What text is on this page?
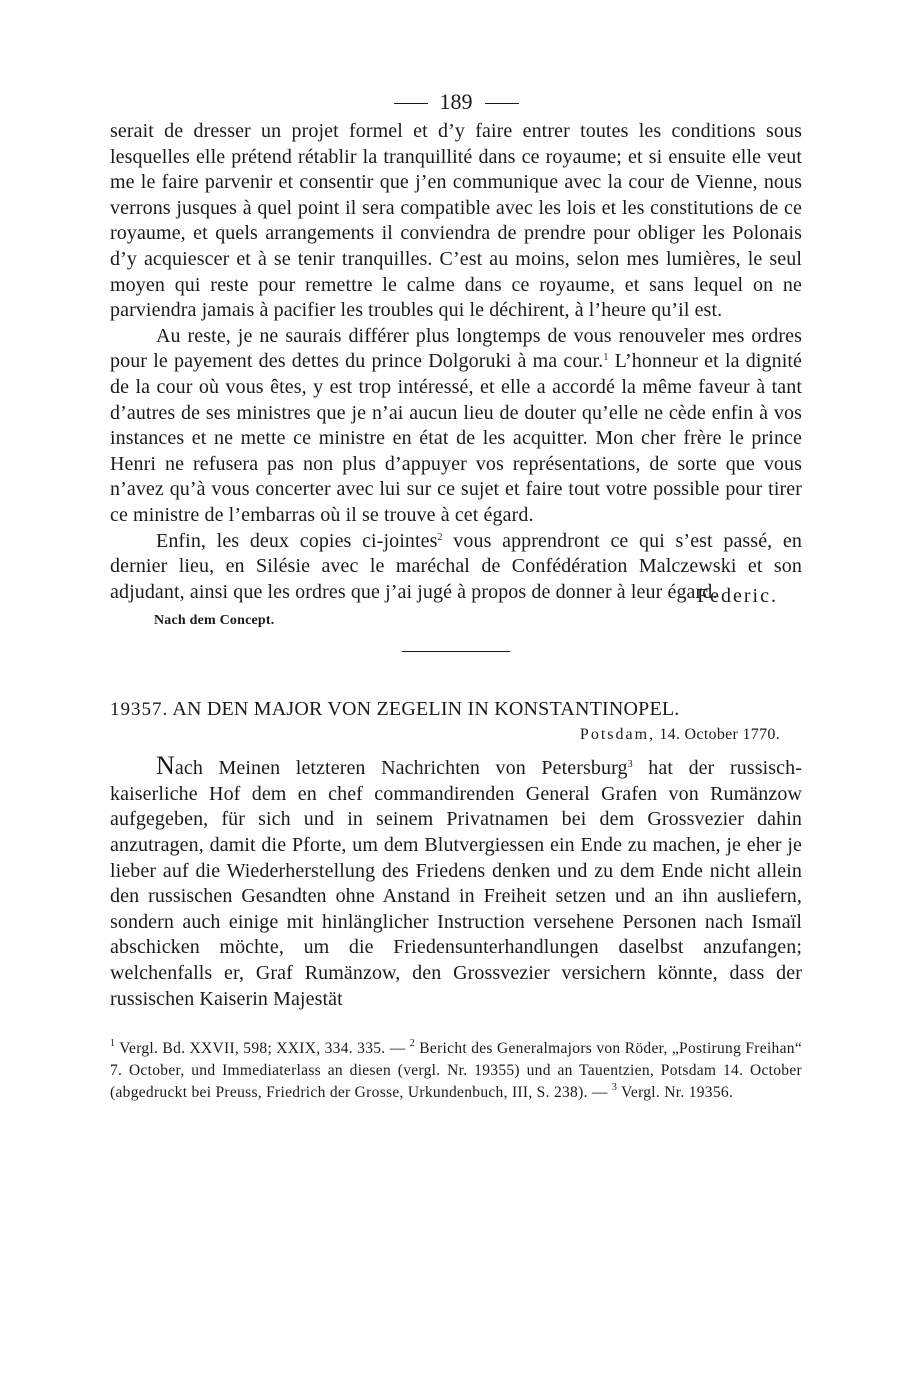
189

serait de dresser un projet formel et d’y faire entrer toutes les conditions sous lesquelles elle prétend rétablir la tranquillité dans ce royaume; et si ensuite elle veut me le faire parvenir et consentir que j’en communique avec la cour de Vienne, nous verrons jusques à quel point il sera compatible avec les lois et les constitutions de ce royaume, et quels arrangements il conviendra de prendre pour obliger les Polonais d’y acquiescer et à se tenir tranquilles. C’est au moins, selon mes lumières, le seul moyen qui reste pour remettre le calme dans ce royaume, et sans lequel on ne parviendra jamais à pacifier les troubles qui le déchirent, à l’heure qu’il est.

Au reste, je ne saurais différer plus longtemps de vous renouveler mes ordres pour le payement des dettes du prince Dolgoruki à ma cour.$^1$ L’honneur et la dignité de la cour où vous êtes, y est trop intéressé, et elle a accordé la même faveur à tant d’autres de ses ministres que je n’ai aucun lieu de douter qu’elle ne cède enfin à vos instances et ne mette ce ministre en état de les acquitter. Mon cher frère le prince Henri ne refusera pas non plus d’appuyer vos représentations, de sorte que vous n’avez qu’à vous concerter avec lui sur ce sujet et faire tout votre possible pour tirer ce ministre de l’embarras où il se trouve à cet égard.

Enfin, les deux copies ci-jointes$^2$ vous apprendront ce qui s’est passé, en dernier lieu, en Silésie avec le maréchal de Confédération Malczewski et son adjudant, ainsi que les ordres que j’ai jugé à propos de donner à leur égard.

Federic.
Nach dem Concept.
19357. AN DEN MAJOR VON ZEGELIN IN KONSTANTINOPEL.
Potsdam, 14. October 1770.

Nach Meinen letzteren Nachrichten von Petersburg$^3$ hat der russisch-kaiserliche Hof dem en chef commandirenden General Grafen von Rumänzow aufgegeben, für sich und in seinem Privatnamen bei dem Grossvezier dahin anzutragen, damit die Pforte, um dem Blutvergiessen ein Ende zu machen, je eher je lieber auf die Wiederherstellung des Friedens denken und zu dem Ende nicht allein den russischen Gesandten ohne Anstand in Freiheit setzen und an ihn ausliefern, sondern auch einige mit hinlänglicher Instruction versehene Personen nach Ismaïl abschicken möchte, um die Friedensunterhandlungen daselbst anzufangen; welchenfalls er, Graf Rumänzow, den Grossvezier versichern könnte, dass der russischen Kaiserin Majestät

$^1$ Vergl. Bd. XXVII, 598; XXIX, 334. 335. — $^2$ Bericht des Generalmajors von Röder, „Postirung Freihan“ 7. October, und Immediaterlass an diesen (vergl. Nr. 19355) und an Tauentzien, Potsdam 14. October (abgedruckt bei Preuss, Friedrich der Grosse, Urkundenbuch, III, S. 238). — $^3$ Vergl. Nr. 19356.
